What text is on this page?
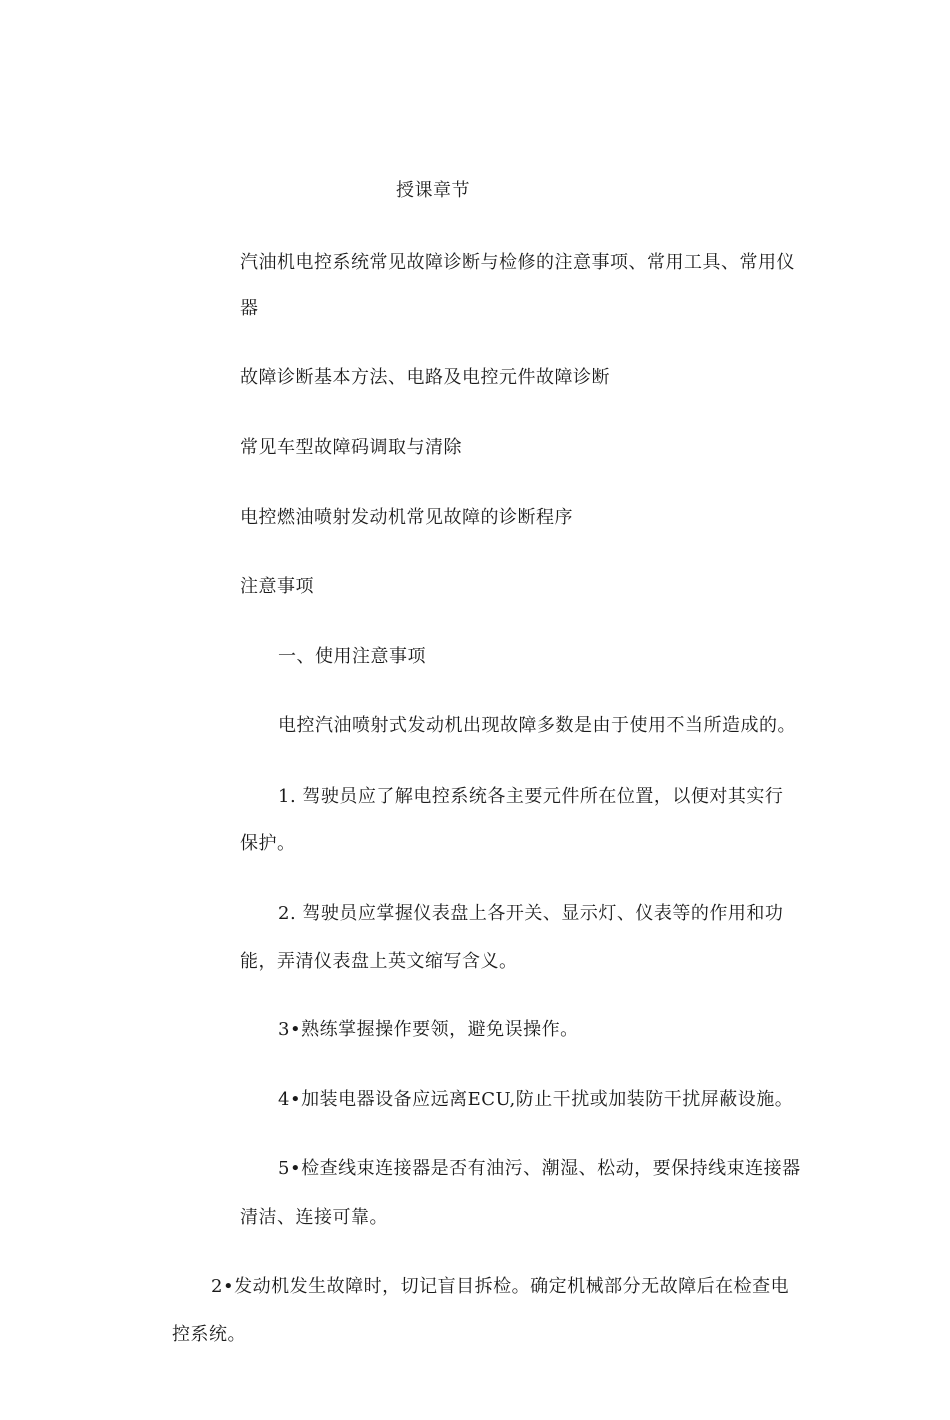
授课章节
汽油机电控系统常见故障诊断与检修的注意事项、常用工具、常用仪
器
故障诊断基本方法、电路及电控元件故障诊断
常见车型故障码调取与清除
电控燃油喷射发动机常见故障的诊断程序
注意事项
一、使用注意事项
电控汽油喷射式发动机出现故障多数是由于使用不当所造成的。
1. 驾驶员应了解电控系统各主要元件所在位置，以便对其实行
保护。
2. 驾驶员应掌握仪表盘上各开关、显示灯、仪表等的作用和功
能，弄清仪表盘上英文缩写含义。
3•熟练掌握操作要领，避免误操作。
4•加装电器设备应远离ECU,防止干扰或加装防干扰屏蔽设施。
5•检查线束连接器是否有油污、潮湿、松动，要保持线束连接器
清洁、连接可靠。
2•发动机发生故障时，切记盲目拆检。确定机械部分无故障后在检查电
控系统。
